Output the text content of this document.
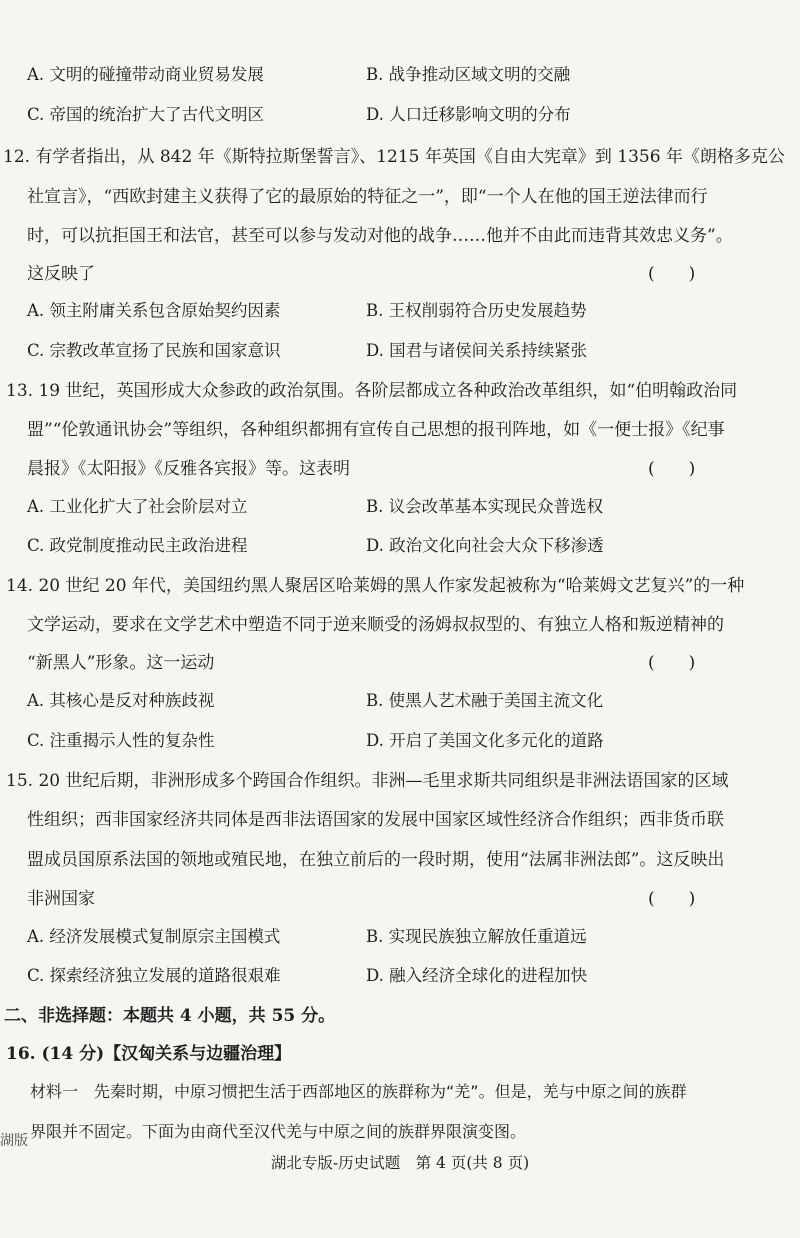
A. 文明的碰撞带动商业贸易发展	B. 战争推动区域文明的交融
C. 帝国的统治扩大了古代文明区	D. 人口迁移影响文明的分布
12. 有学者指出，从 842 年《斯特拉斯堡誓言》、1215 年英国《自由大宪章》到 1356 年《朗格多克公
社宣言》，“西欧封建主义获得了它的最原始的特征之一”，即“一个人在他的国王逆法律而行
时，可以抗拒国王和法官，甚至可以参与发动对他的战争……他并不由此而违背其效忠义务”。
这反映了	(　　)
A. 领主附庸关系包含原始契约因素	B. 王权削弱符合历史发展趋势
C. 宗教改革宣扬了民族和国家意识	D. 国君与诸侯间关系持续紧张
13. 19 世纪，英国形成大众参政的政治氛围。各阶层都成立各种政治改革组织，如“伯明翰政治同
盟”“伦敦通讯协会”等组织，各种组织都拥有宣传自己思想的报刊阵地，如《一便士报》《纪事
晨报》《太阳报》《反雅各宾报》等。这表明	(　　)
A. 工业化扩大了社会阶层对立	B. 议会改革基本实现民众普选权
C. 政党制度推动民主政治进程	D. 政治文化向社会大众下移渗透
14. 20 世纪 20 年代，美国纽约黑人聚居区哈莱姆的黑人作家发起被称为“哈莱姆文艺复兴”的一种
文学运动，要求在文学艺术中塑造不同于逆来顺受的汤姆叔叔型的、有独立人格和叛逆精神的
“新黑人”形象。这一运动	(　　)
A. 其核心是反对种族歧视	B. 使黑人艺术融于美国主流文化
C. 注重揭示人性的复杂性	D. 开启了美国文化多元化的道路
15. 20 世纪后期，非洲形成多个跨国合作组织。非洲—毛里求斯共同组织是非洲法语国家的区域
性组织；西非国家经济共同体是西非法语国家的发展中国家区域性经济合作组织；西非货币联
盟成员国原系法国的领地或殖民地，在独立前后的一段时期，使用“法属非洲法郎”。这反映出
非洲国家	(　　)
A. 经济发展模式复制原宗主国模式	B. 实现民族独立解放任重道远
C. 探索经济独立发展的道路很艰难	D. 融入经济全球化的进程加快
二、非选择题：本题共 4 小题，共 55 分。
16. (14 分)【汉匈关系与边疆治理】
材料一　先秦时期，中原习惯把生活于西部地区的族群称为“羌”。但是，羌与中原之间的族群
界限并不固定。下面为由商代至汉代羌与中原之间的族群界限演变图。
湖版
湖北专版-历史试题　第 4 页(共 8 页)
